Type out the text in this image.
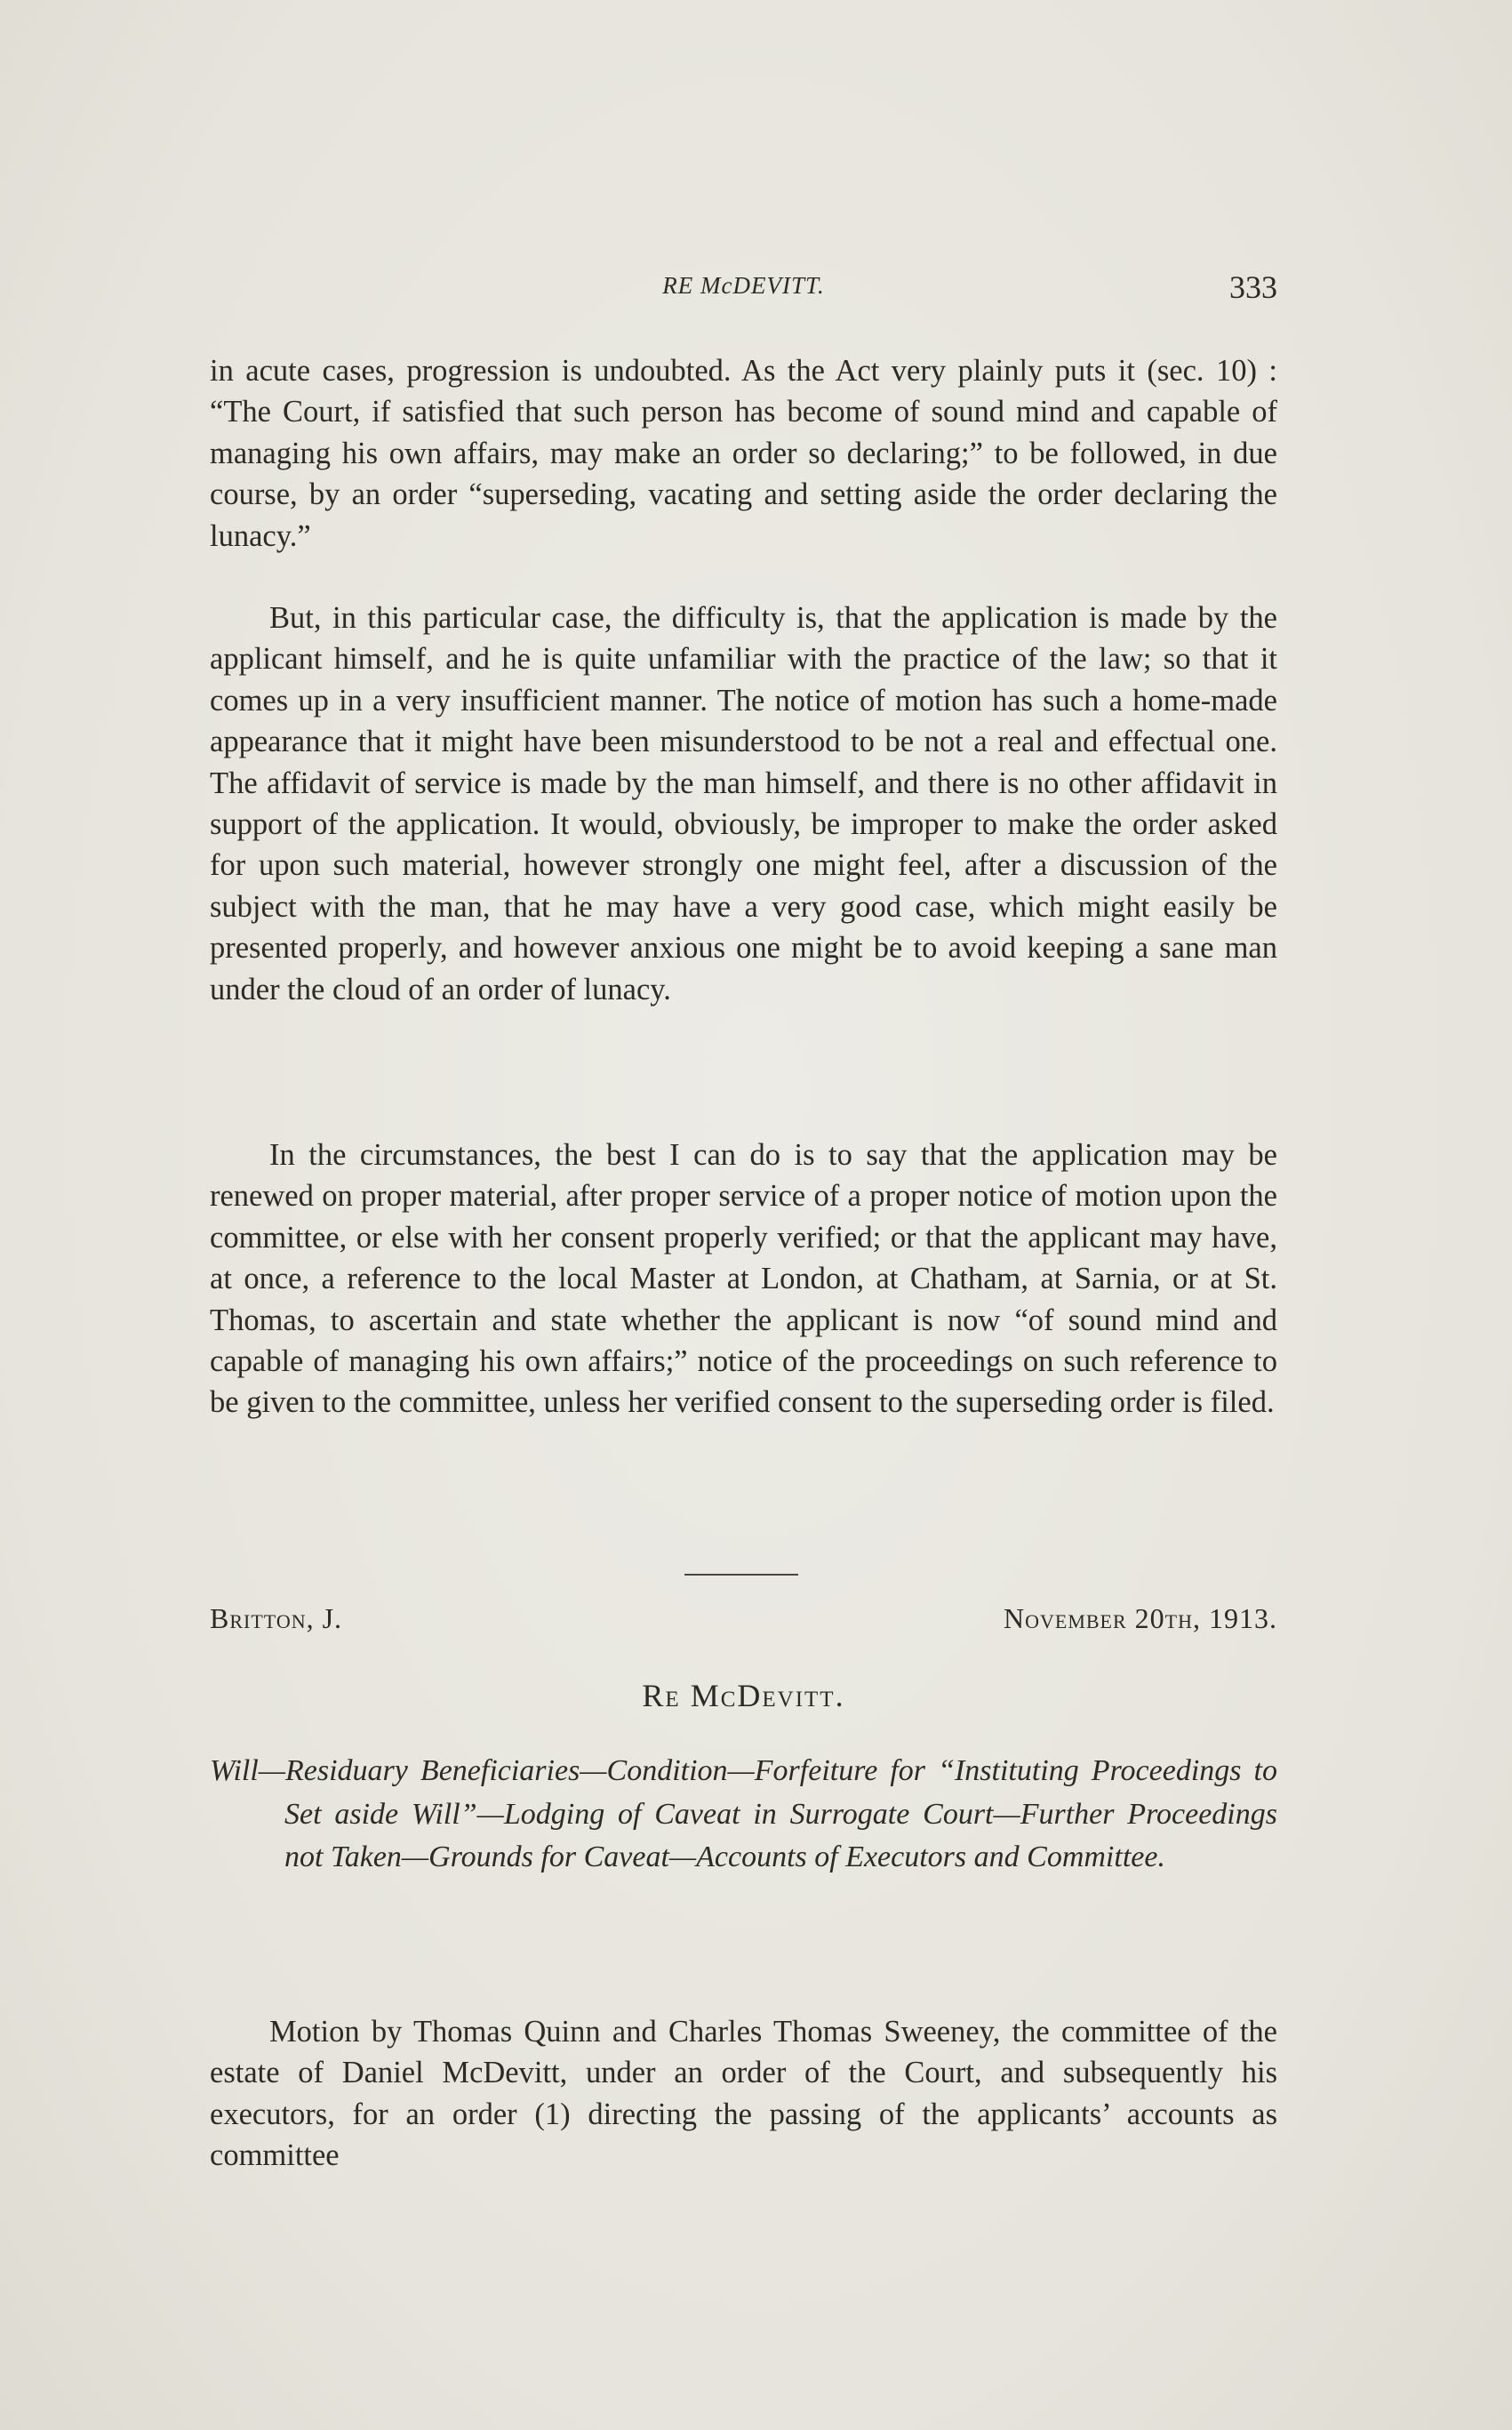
RE McDEVITT.	333

in acute cases, progression is undoubted. As the Act very plainly puts it (sec. 10) : “The Court, if satisfied that such person has become of sound mind and capable of managing his own affairs, may make an order so declaring;” to be followed, in due course, by an order “superseding, vacating and setting aside the order declaring the lunacy.”

But, in this particular case, the difficulty is, that the application is made by the applicant himself, and he is quite unfamiliar with the practice of the law; so that it comes up in a very insufficient manner. The notice of motion has such a home-made appearance that it might have been misunderstood to be not a real and effectual one. The affidavit of service is made by the man himself, and there is no other affidavit in support of the application. It would, obviously, be improper to make the order asked for upon such material, however strongly one might feel, after a discussion of the subject with the man, that he may have a very good case, which might easily be presented properly, and however anxious one might be to avoid keeping a sane man under the cloud of an order of lunacy.

In the circumstances, the best I can do is to say that the application may be renewed on proper material, after proper service of a proper notice of motion upon the committee, or else with her consent properly verified; or that the applicant may have, at once, a reference to the local Master at London, at Chatham, at Sarnia, or at St. Thomas, to ascertain and state whether the applicant is now “of sound mind and capable of managing his own affairs;” notice of the proceedings on such reference to be given to the committee, unless her verified consent to the superseding order is filed.

Britton, J.	November 20th, 1913.
Re McDevitt.

Will—Residuary Beneficiaries—Condition—Forfeiture for “Instituting Proceedings to Set aside Will”—Lodging of Caveat in Surrogate Court—Further Proceedings not Taken—Grounds for Caveat—Accounts of Executors and Committee.

Motion by Thomas Quinn and Charles Thomas Sweeney, the committee of the estate of Daniel McDevitt, under an order of the Court, and subsequently his executors, for an order (1) directing the passing of the applicants’ accounts as committee
